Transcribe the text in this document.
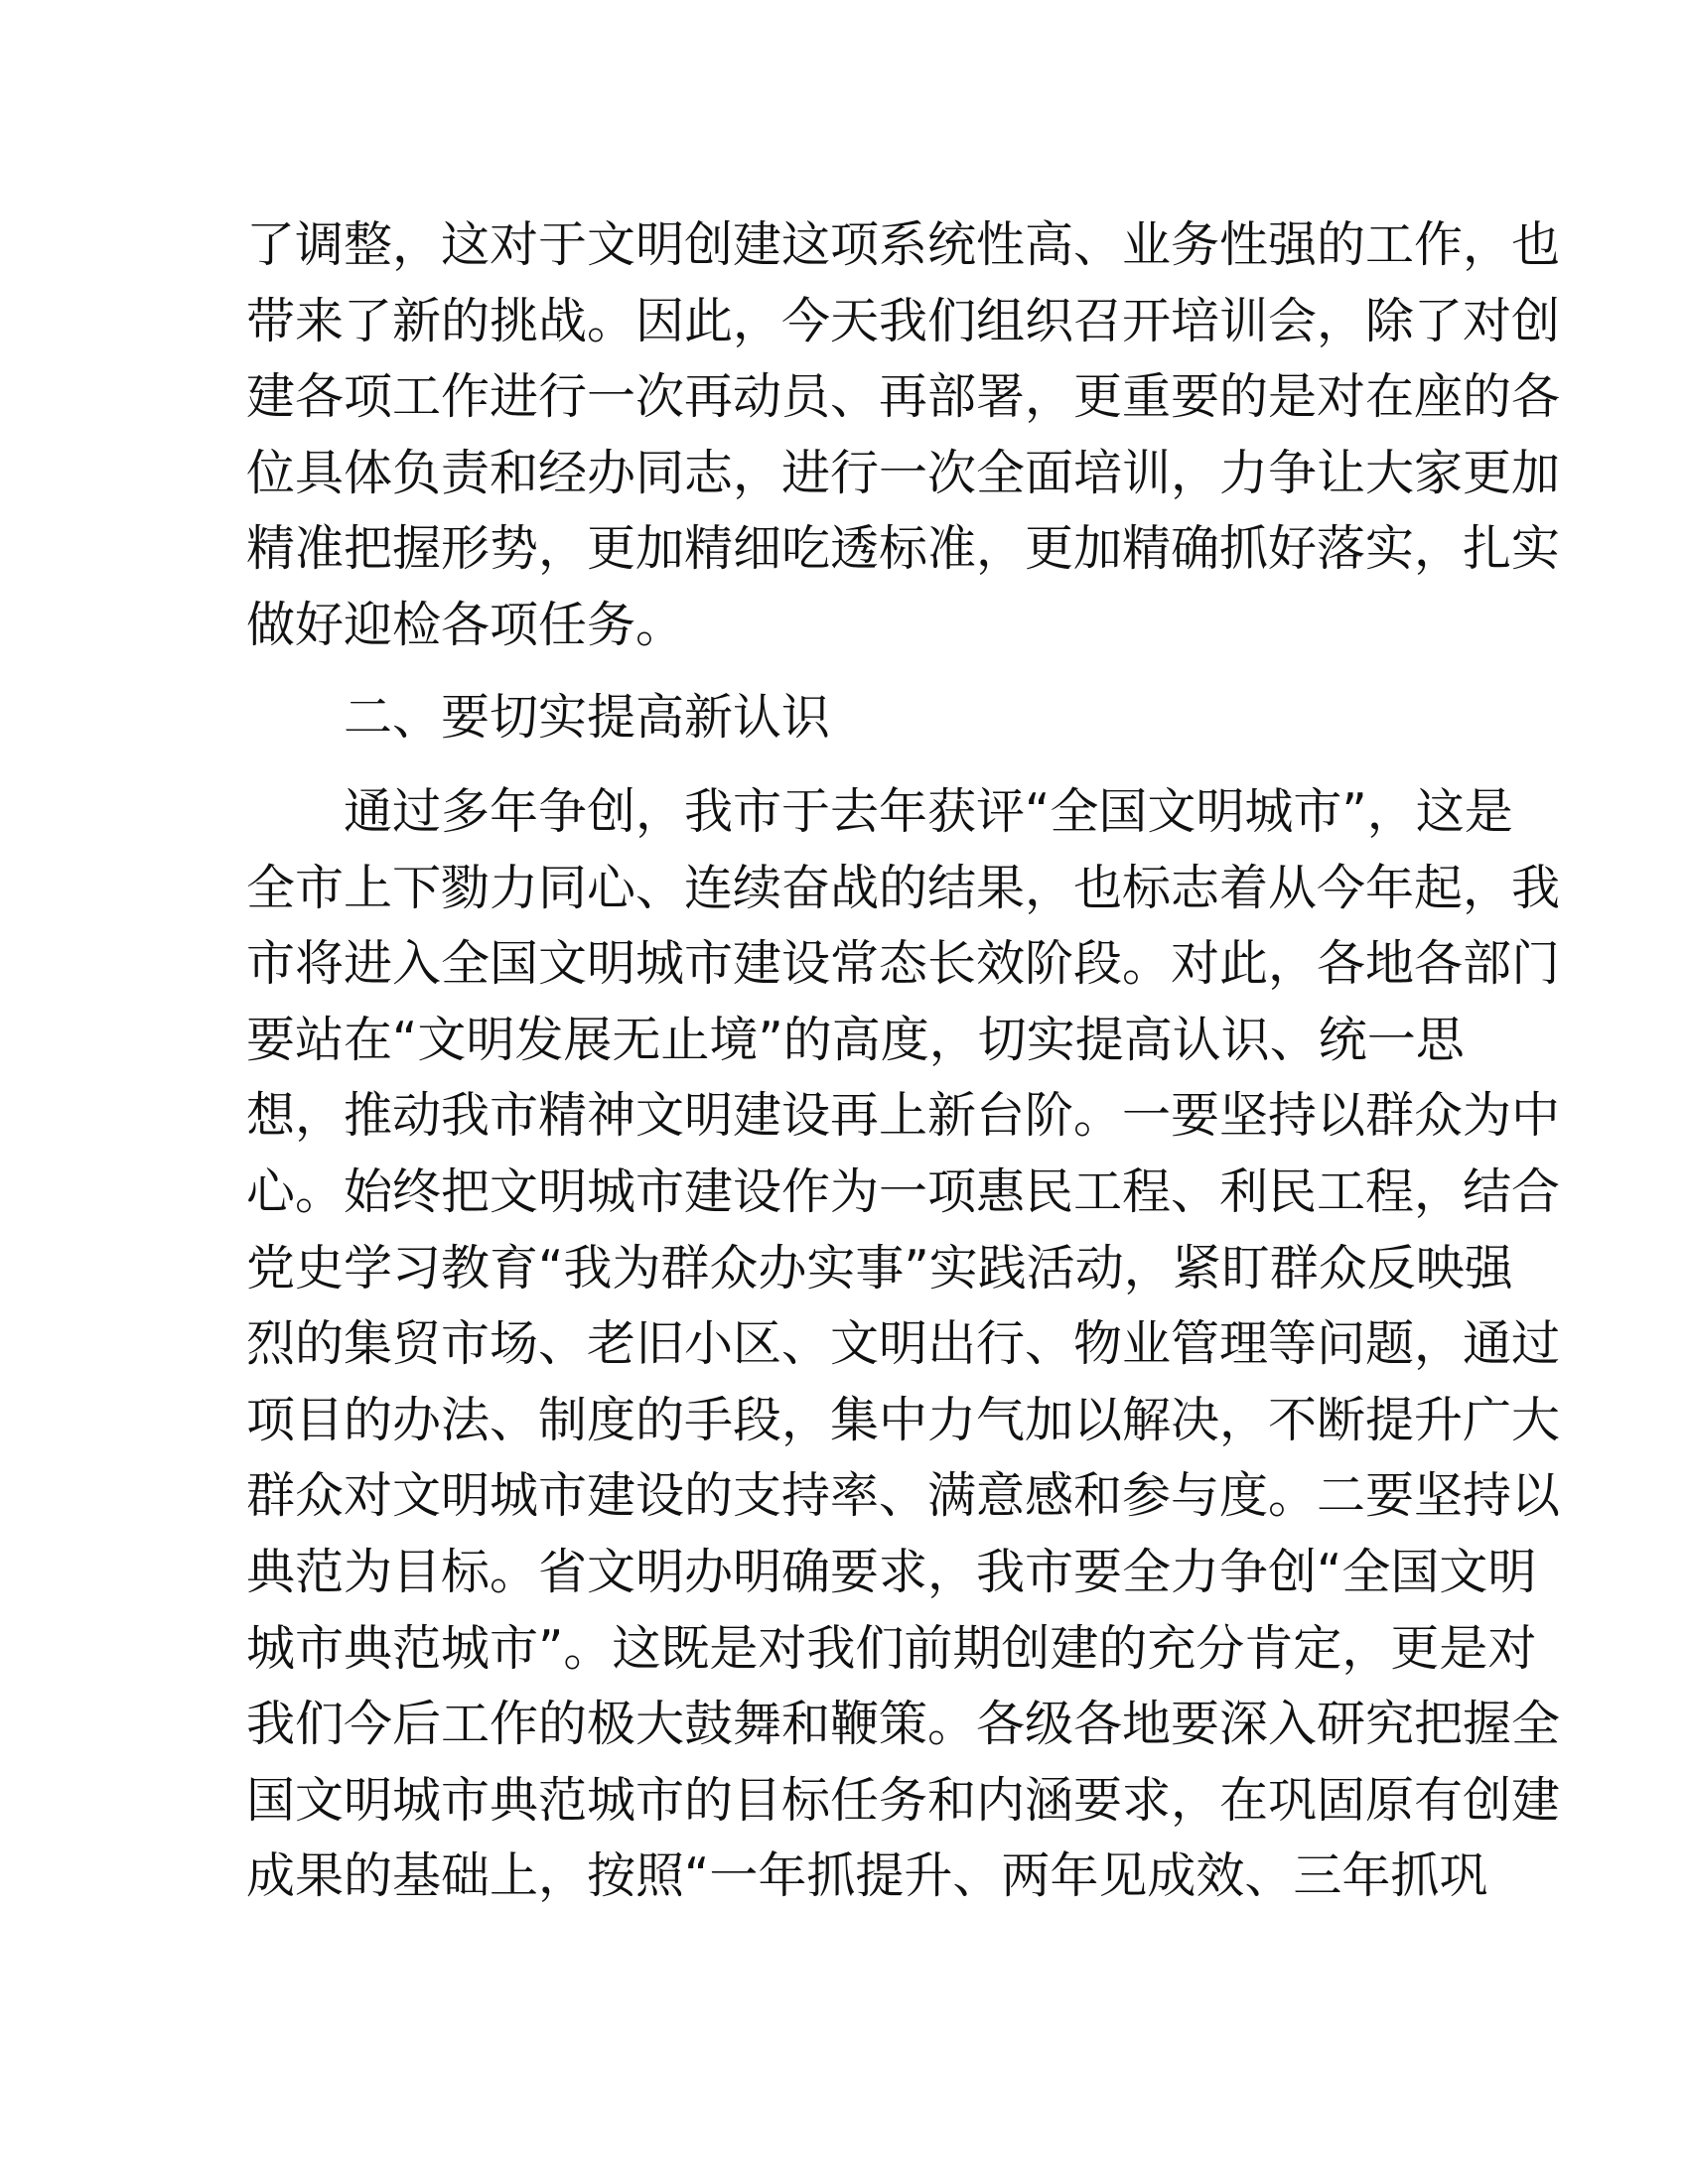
了调整，这对于文明创建这项系统性高、业务性强的工作，也
带来了新的挑战。因此，今天我们组织召开培训会，除了对创
建各项工作进行一次再动员、再部署，更重要的是对在座的各
位具体负责和经办同志，进行一次全面培训，力争让大家更加
精准把握形势，更加精细吃透标准，更加精确抓好落实，扎实
做好迎检各项任务。
二、要切实提高新认识
通过多年争创，我市于去年获评“全国文明城市”，这是
全市上下勠力同心、连续奋战的结果，也标志着从今年起，我
市将进入全国文明城市建设常态长效阶段。对此，各地各部门
要站在“文明发展无止境”的高度，切实提高认识、统一思
想，推动我市精神文明建设再上新台阶。一要坚持以群众为中
心。始终把文明城市建设作为一项惠民工程、利民工程，结合
党史学习教育“我为群众办实事”实践活动，紧盯群众反映强
烈的集贸市场、老旧小区、文明出行、物业管理等问题，通过
项目的办法、制度的手段，集中力气加以解决，不断提升广大
群众对文明城市建设的支持率、满意感和参与度。二要坚持以
典范为目标。省文明办明确要求，我市要全力争创“全国文明
城市典范城市”。这既是对我们前期创建的充分肯定，更是对
我们今后工作的极大鼓舞和鞭策。各级各地要深入研究把握全
国文明城市典范城市的目标任务和内涵要求，在巩固原有创建
成果的基础上，按照“一年抓提升、两年见成效、三年抓巩
